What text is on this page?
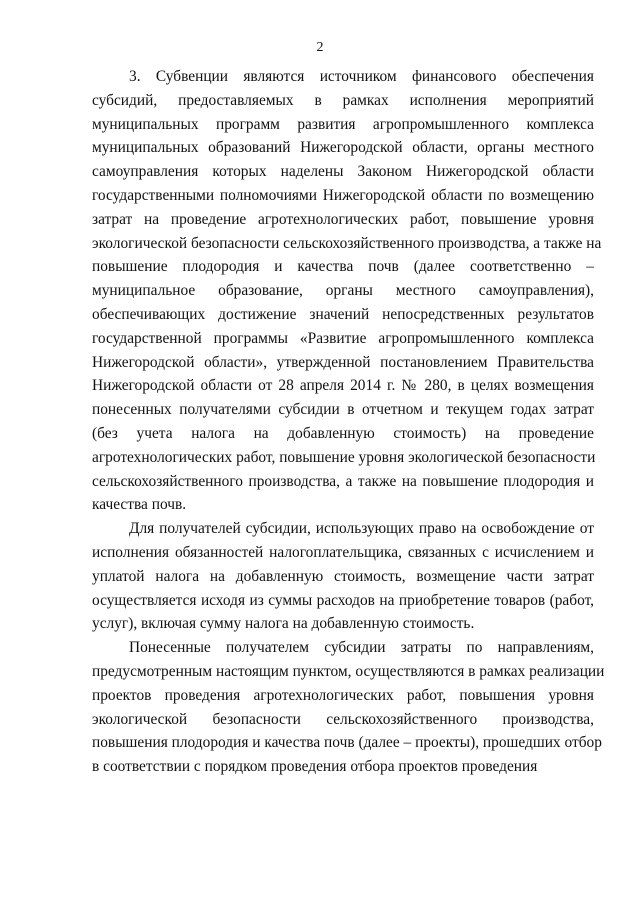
2
3. Субвенции являются источником финансового обеспечения
субсидий, предоставляемых в рамках исполнения мероприятий
муниципальных программ развития агропромышленного комплекса
муниципальных образований Нижегородской области, органы местного
самоуправления которых наделены Законом Нижегородской области
государственными полномочиями Нижегородской области по возмещению
затрат на проведение агротехнологических работ, повышение уровня
экологической безопасности сельскохозяйственного производства, а также на
повышение плодородия и качества почв (далее соответственно –
муниципальное образование, органы местного самоуправления),
обеспечивающих достижение значений непосредственных результатов
государственной программы «Развитие агропромышленного комплекса
Нижегородской области», утвержденной постановлением Правительства
Нижегородской области от 28 апреля 2014 г. № 280, в целях возмещения
понесенных получателями субсидии в отчетном и текущем годах затрат
(без учета налога на добавленную стоимость) на проведение
агротехнологических работ, повышение уровня экологической безопасности
сельскохозяйственного производства, а также на повышение плодородия и
качества почв.
Для получателей субсидии, использующих право на освобождение от
исполнения обязанностей налогоплательщика, связанных с исчислением и
уплатой налога на добавленную стоимость, возмещение части затрат
осуществляется исходя из суммы расходов на приобретение товаров (работ,
услуг), включая сумму налога на добавленную стоимость.
Понесенные получателем субсидии затраты по направлениям,
предусмотренным настоящим пунктом, осуществляются в рамках реализации
проектов проведения агротехнологических работ, повышения уровня
экологической безопасности сельскохозяйственного производства,
повышения плодородия и качества почв (далее – проекты), прошедших отбор
в соответствии с порядком проведения отбора проектов проведения
